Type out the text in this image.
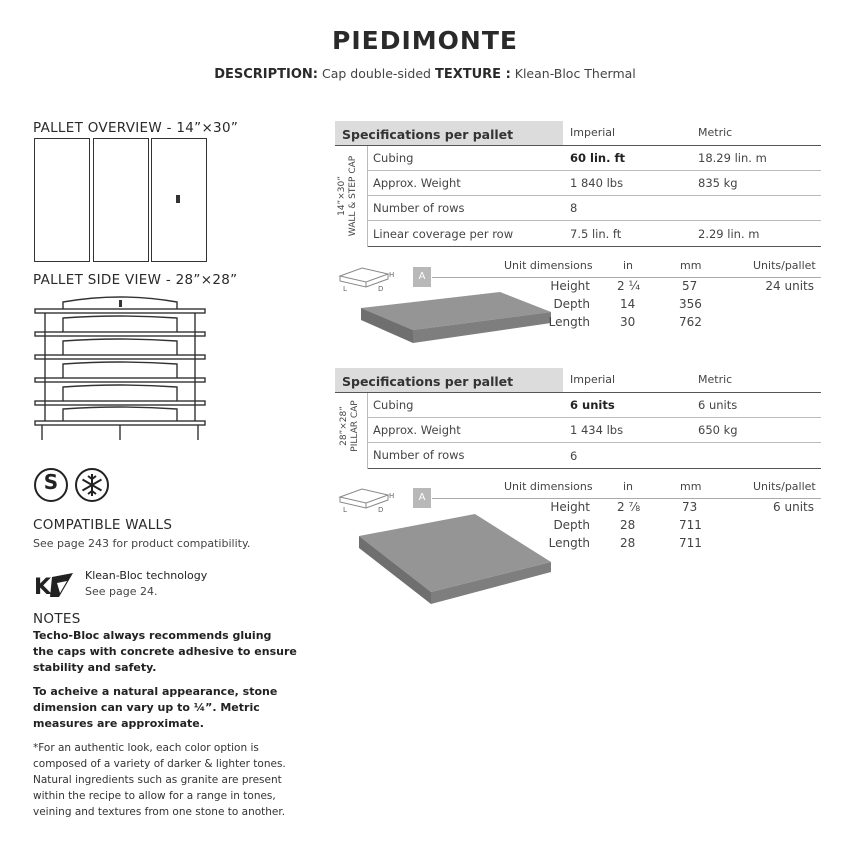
PIEDIMONTE
DESCRIPTION: Cap double-sided TEXTURE : Klean-Bloc Thermal
PALLET OVERVIEW - 14”×30”
PALLET SIDE VIEW - 28”×28”
S
COMPATIBLE WALLS
See page 243 for product compatibility.
K	Klean-Bloc technology
See page 24.
NOTES
Techo-Bloc always recommends gluing
the caps with concrete adhesive to ensure
stability and safety.
To acheive a natural appearance, stone
dimension can vary up to ¼”. Metric
measures are approximate.
*For an authentic look, each color option is
composed of a variety of darker & lighter tones.
Natural ingredients such as granite are present
within the recipe to allow for a range in tones,
veining and textures from one stone to another.
Specifications per pallet	Imperial	Metric
14”×30” WALL & STEP CAP Cubing	60 lin. ft	18.29 lin. m
Approx. Weight	1 840 lbs	835 kg
Number of rows	8
Linear coverage per row	7.5 lin. ft	2.29 lin. m
H
L	D
A
Unit dimensions	in	mm	Units/pallet
Height 2 ¼	57	24 units
Depth	14	356
Length	30	762
Specifications per pallet	Imperial	Metric
28”×28” PILLAR CAP Cubing	6 units	6 units
Approx. Weight	1 434 lbs	650 kg
Number of rows	6
H
L	D
A
Unit dimensions	in	mm	Units/pallet
Height 2 ⅞	73	6 units
Depth	28	711
Length	28	711
